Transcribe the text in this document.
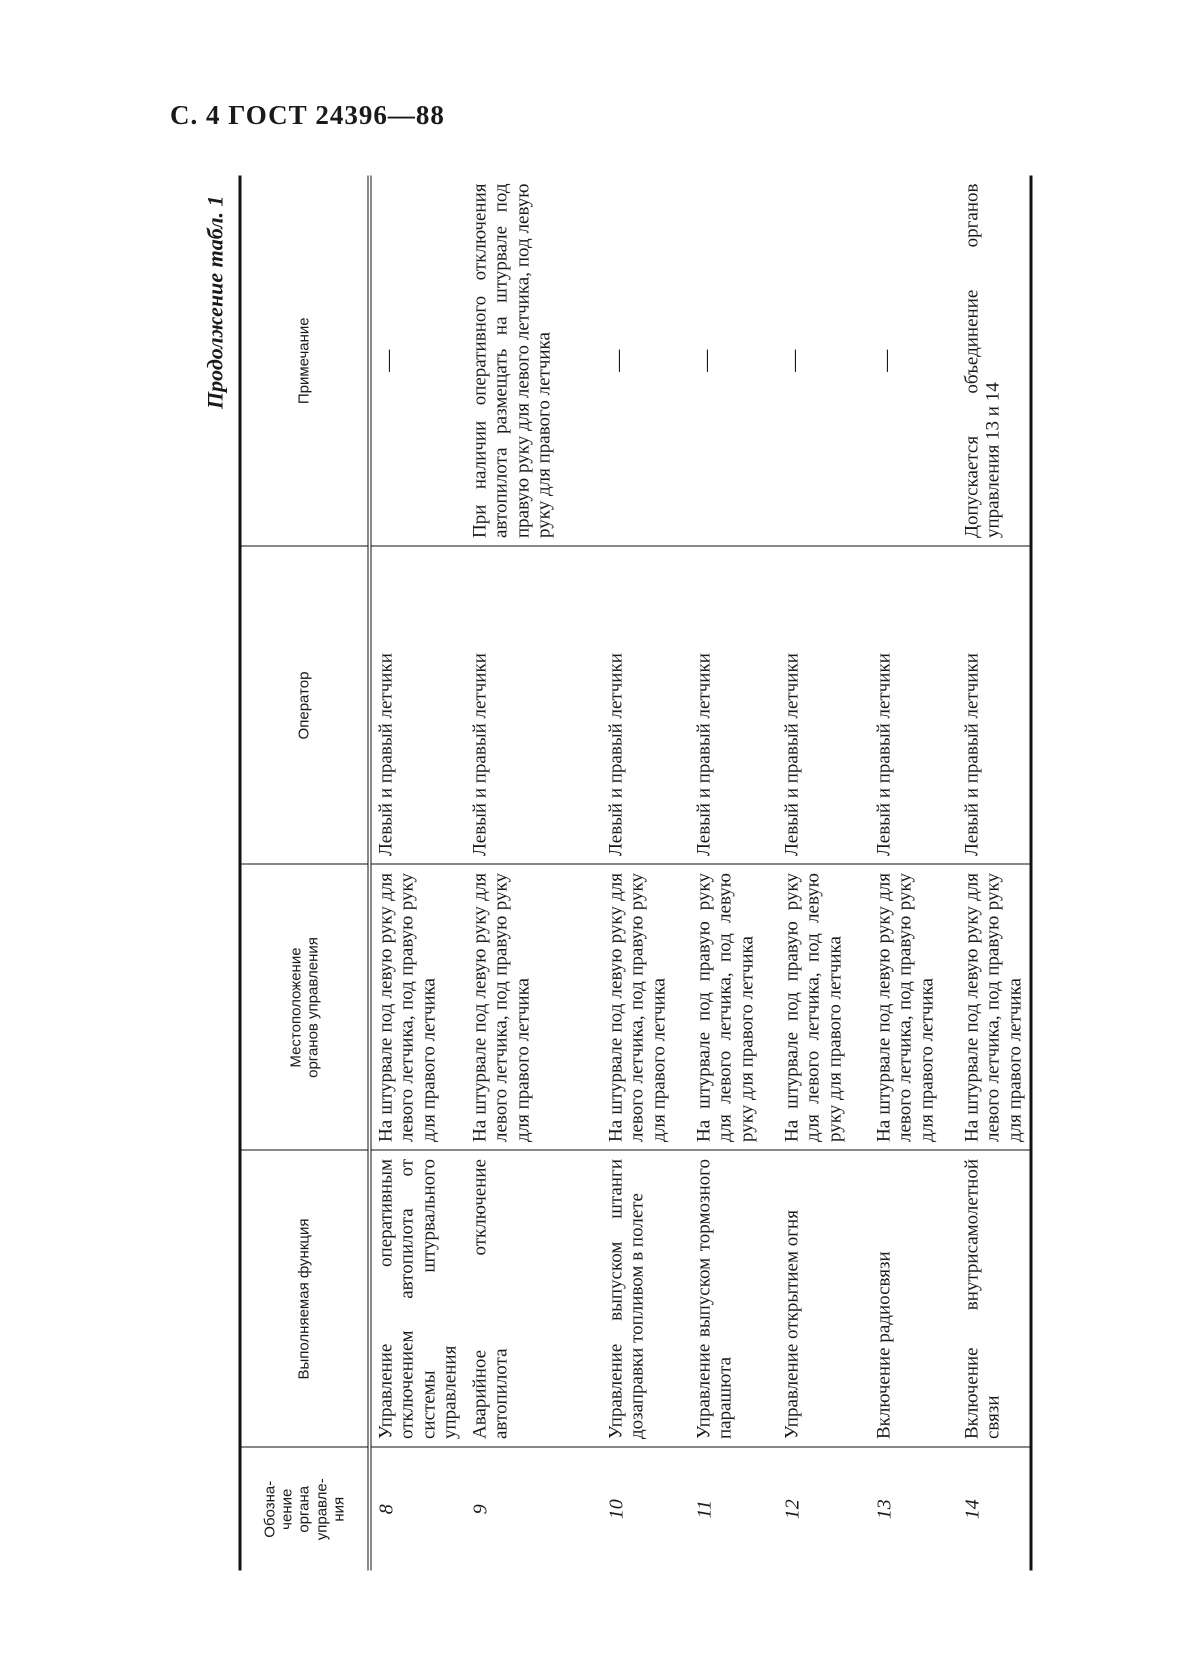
С. 4 ГОСТ 24396—88
Продолжение табл. 1
Обозна-
чение
органа
управле-
ния	Выполняемая функция	Местоположение
органов управления	Оператор	Примечание
8	Управление оперативным отключением автопилота от системы штурвального управления	На штурвале под левую руку для левого летчика, под правую руку для правого летчика	Левый и правый летчики	—
9	Аварийное отключение автопилота	На штурвале под левую руку для левого летчика, под правую руку для правого летчика	Левый и правый летчики	При наличии оперативного отключения автопилота размещать на штурвале под правую руку для левого летчика, под левую руку для правого летчика
10	Управление выпуском штанги дозаправки топливом в полете	На штурвале под левую руку для левого летчика, под правую руку для правого летчика	Левый и правый летчики	—
11	Управление выпуском тормозного парашюта	На штурвале под правую руку для левого летчика, под левую руку для правого летчика	Левый и правый летчики	—
12	Управление открытием огня	На штурвале под правую руку для левого летчика, под левую руку для правого летчика	Левый и правый летчики	—
13	Включение радиосвязи	На штурвале под левую руку для левого летчика, под правую руку для правого летчика	Левый и правый летчики	—
14	Включение внутрисамолетной связи	На штурвале под левую руку для левого летчика, под правую руку для правого летчика	Левый и правый летчики	Допускается объединение органов управления 13 и 14
